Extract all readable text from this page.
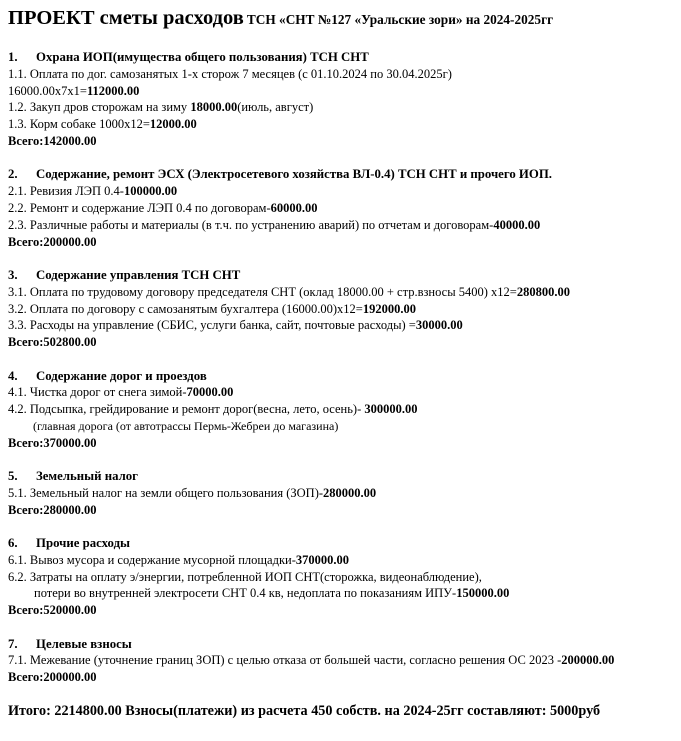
ПРОЕКТ сметы расходов ТСН «СНТ №127 «Уральские зори» на 2024-2025гг
1. Охрана ИОП(имущества общего пользования) ТСН СНТ
1.1. Оплата по дог. самозанятых 1-х сторож 7 месяцев (с 01.10.2024 по 30.04.2025г)
16000.00х7х1=112000.00
1.2. Закуп дров сторожам на зиму 18000.00(июль, август)
1.3. Корм собаке 1000х12=12000.00
Всего:142000.00
2. Содержание, ремонт ЭСХ (Электросетевого хозяйства ВЛ-0.4) ТСН СНТ и прочего ИОП.
2.1. Ревизия ЛЭП 0.4-100000.00
2.2. Ремонт и содержание ЛЭП 0.4 по договорам-60000.00
2.3. Различные работы и материалы (в т.ч. по устранению аварий) по отчетам и договорам-40000.00
Всего:200000.00
3. Содержание управления ТСН СНТ
3.1. Оплата по трудовому договору председателя СНТ (оклад 18000.00 + стр.взносы 5400) х12=280800.00
3.2. Оплата по договору с самозанятым бухгалтера (16000.00)х12=192000.00
3.3. Расходы на управление (СБИС, услуги банка, сайт, почтовые расходы) =30000.00
Всего:502800.00
4. Содержание дорог и проездов
4.1. Чистка дорог от снега зимой-70000.00
4.2. Подсыпка, грейдирование и ремонт дорог(весна, лето, осень)- 300000.00
(главная дорога (от автотрассы Пермь-Жебреи до магазина)
Всего:370000.00
5. Земельный налог
5.1. Земельный налог на земли общего пользования (ЗОП)-280000.00
Всего:280000.00
6. Прочие расходы
6.1. Вывоз мусора и содержание мусорной площадки-370000.00
6.2. Затраты на оплату э/энергии, потребленной ИОП СНТ(сторожка, видеонаблюдение),
потери во внутренней электросети СНТ 0.4 кв, недоплата по показаниям ИПУ-150000.00
Всего:520000.00
7. Целевые взносы
7.1. Межевание (уточнение границ ЗОП) с целью отказа от большей части, согласно решения ОС 2023 -200000.00
Всего:200000.00
Итого: 2214800.00 Взносы(платежи) из расчета 450 собств. на 2024-25гг составляют: 5000руб
